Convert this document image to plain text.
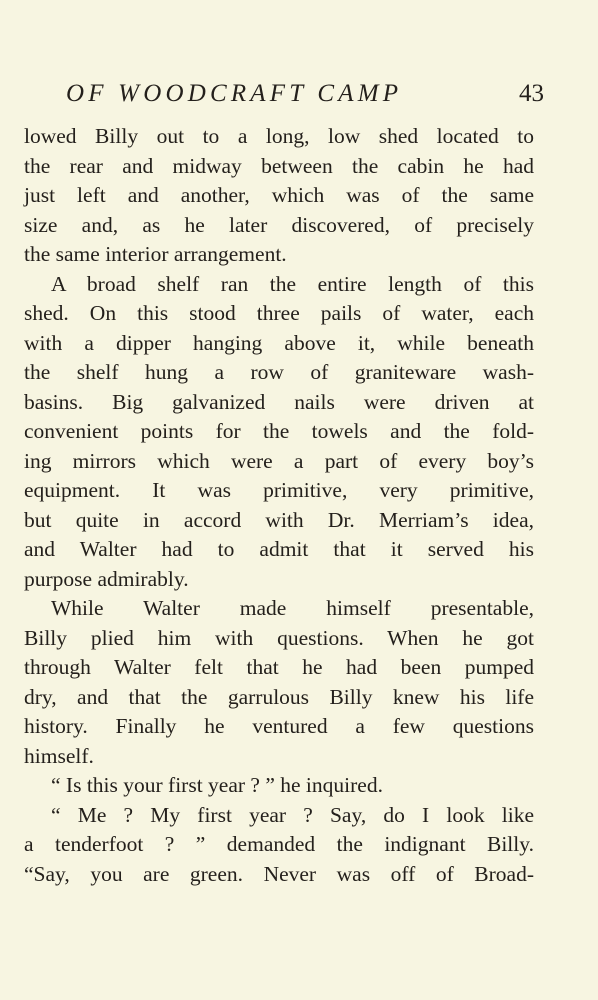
OF WOODCRAFT CAMP	43
lowed Billy out to a long, low shed located to
the rear and midway between the cabin he had
just left and another, which was of the same
size and, as he later discovered, of precisely
the same interior arrangement.
A broad shelf ran the entire length of this
shed. On this stood three pails of water, each
with a dipper hanging above it, while beneath
the shelf hung a row of graniteware wash-
basins. Big galvanized nails were driven at
convenient points for the towels and the fold-
ing mirrors which were a part of every boy’s
equipment. It was primitive, very primitive,
but quite in accord with Dr. Merriam’s idea,
and Walter had to admit that it served his
purpose admirably.
While Walter made himself presentable,
Billy plied him with questions. When he got
through Walter felt that he had been pumped
dry, and that the garrulous Billy knew his life
history. Finally he ventured a few questions
himself.
“ Is this your first year ? ” he inquired.
“ Me ? My first year ? Say, do I look like
a tenderfoot ? ” demanded the indignant Billy.
“Say, you are green. Never was off of Broad-
